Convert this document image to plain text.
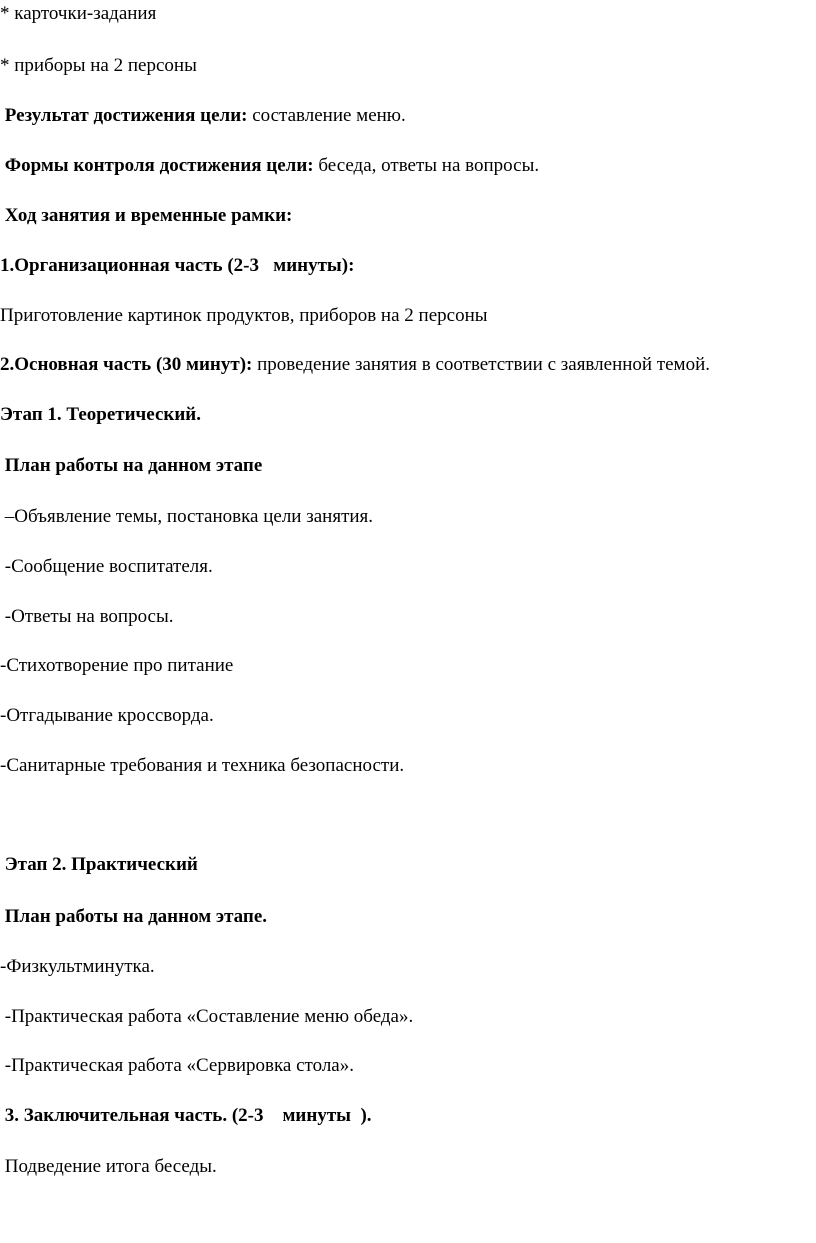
* карточки-задания
* приборы на 2 персоны
Результат достижения цели: составление меню.
Формы контроля достижения цели: беседа, ответы на вопросы.
Ход занятия и временные рамки:
1.Организационная часть (2-3   минуты):
Приготовление картинок продуктов, приборов на 2 персоны
2.Основная часть (30 минут): проведение занятия в соответствии с заявленной темой.
Этап 1. Теоретический.
План работы на данном этапе
–Объявление темы, постановка цели занятия.
-Сообщение воспитателя.
-Ответы на вопросы.
-Стихотворение про питание
-Отгадывание кроссворда.
-Санитарные требования и техника безопасности.
Этап 2. Практический
План работы на данном этапе.
-Физкультминутка.
-Практическая работа «Составление меню обеда».
-Практическая работа «Сервировка стола».
3. Заключительная часть. (2-3    минуты  ).
Подведение итога беседы.
